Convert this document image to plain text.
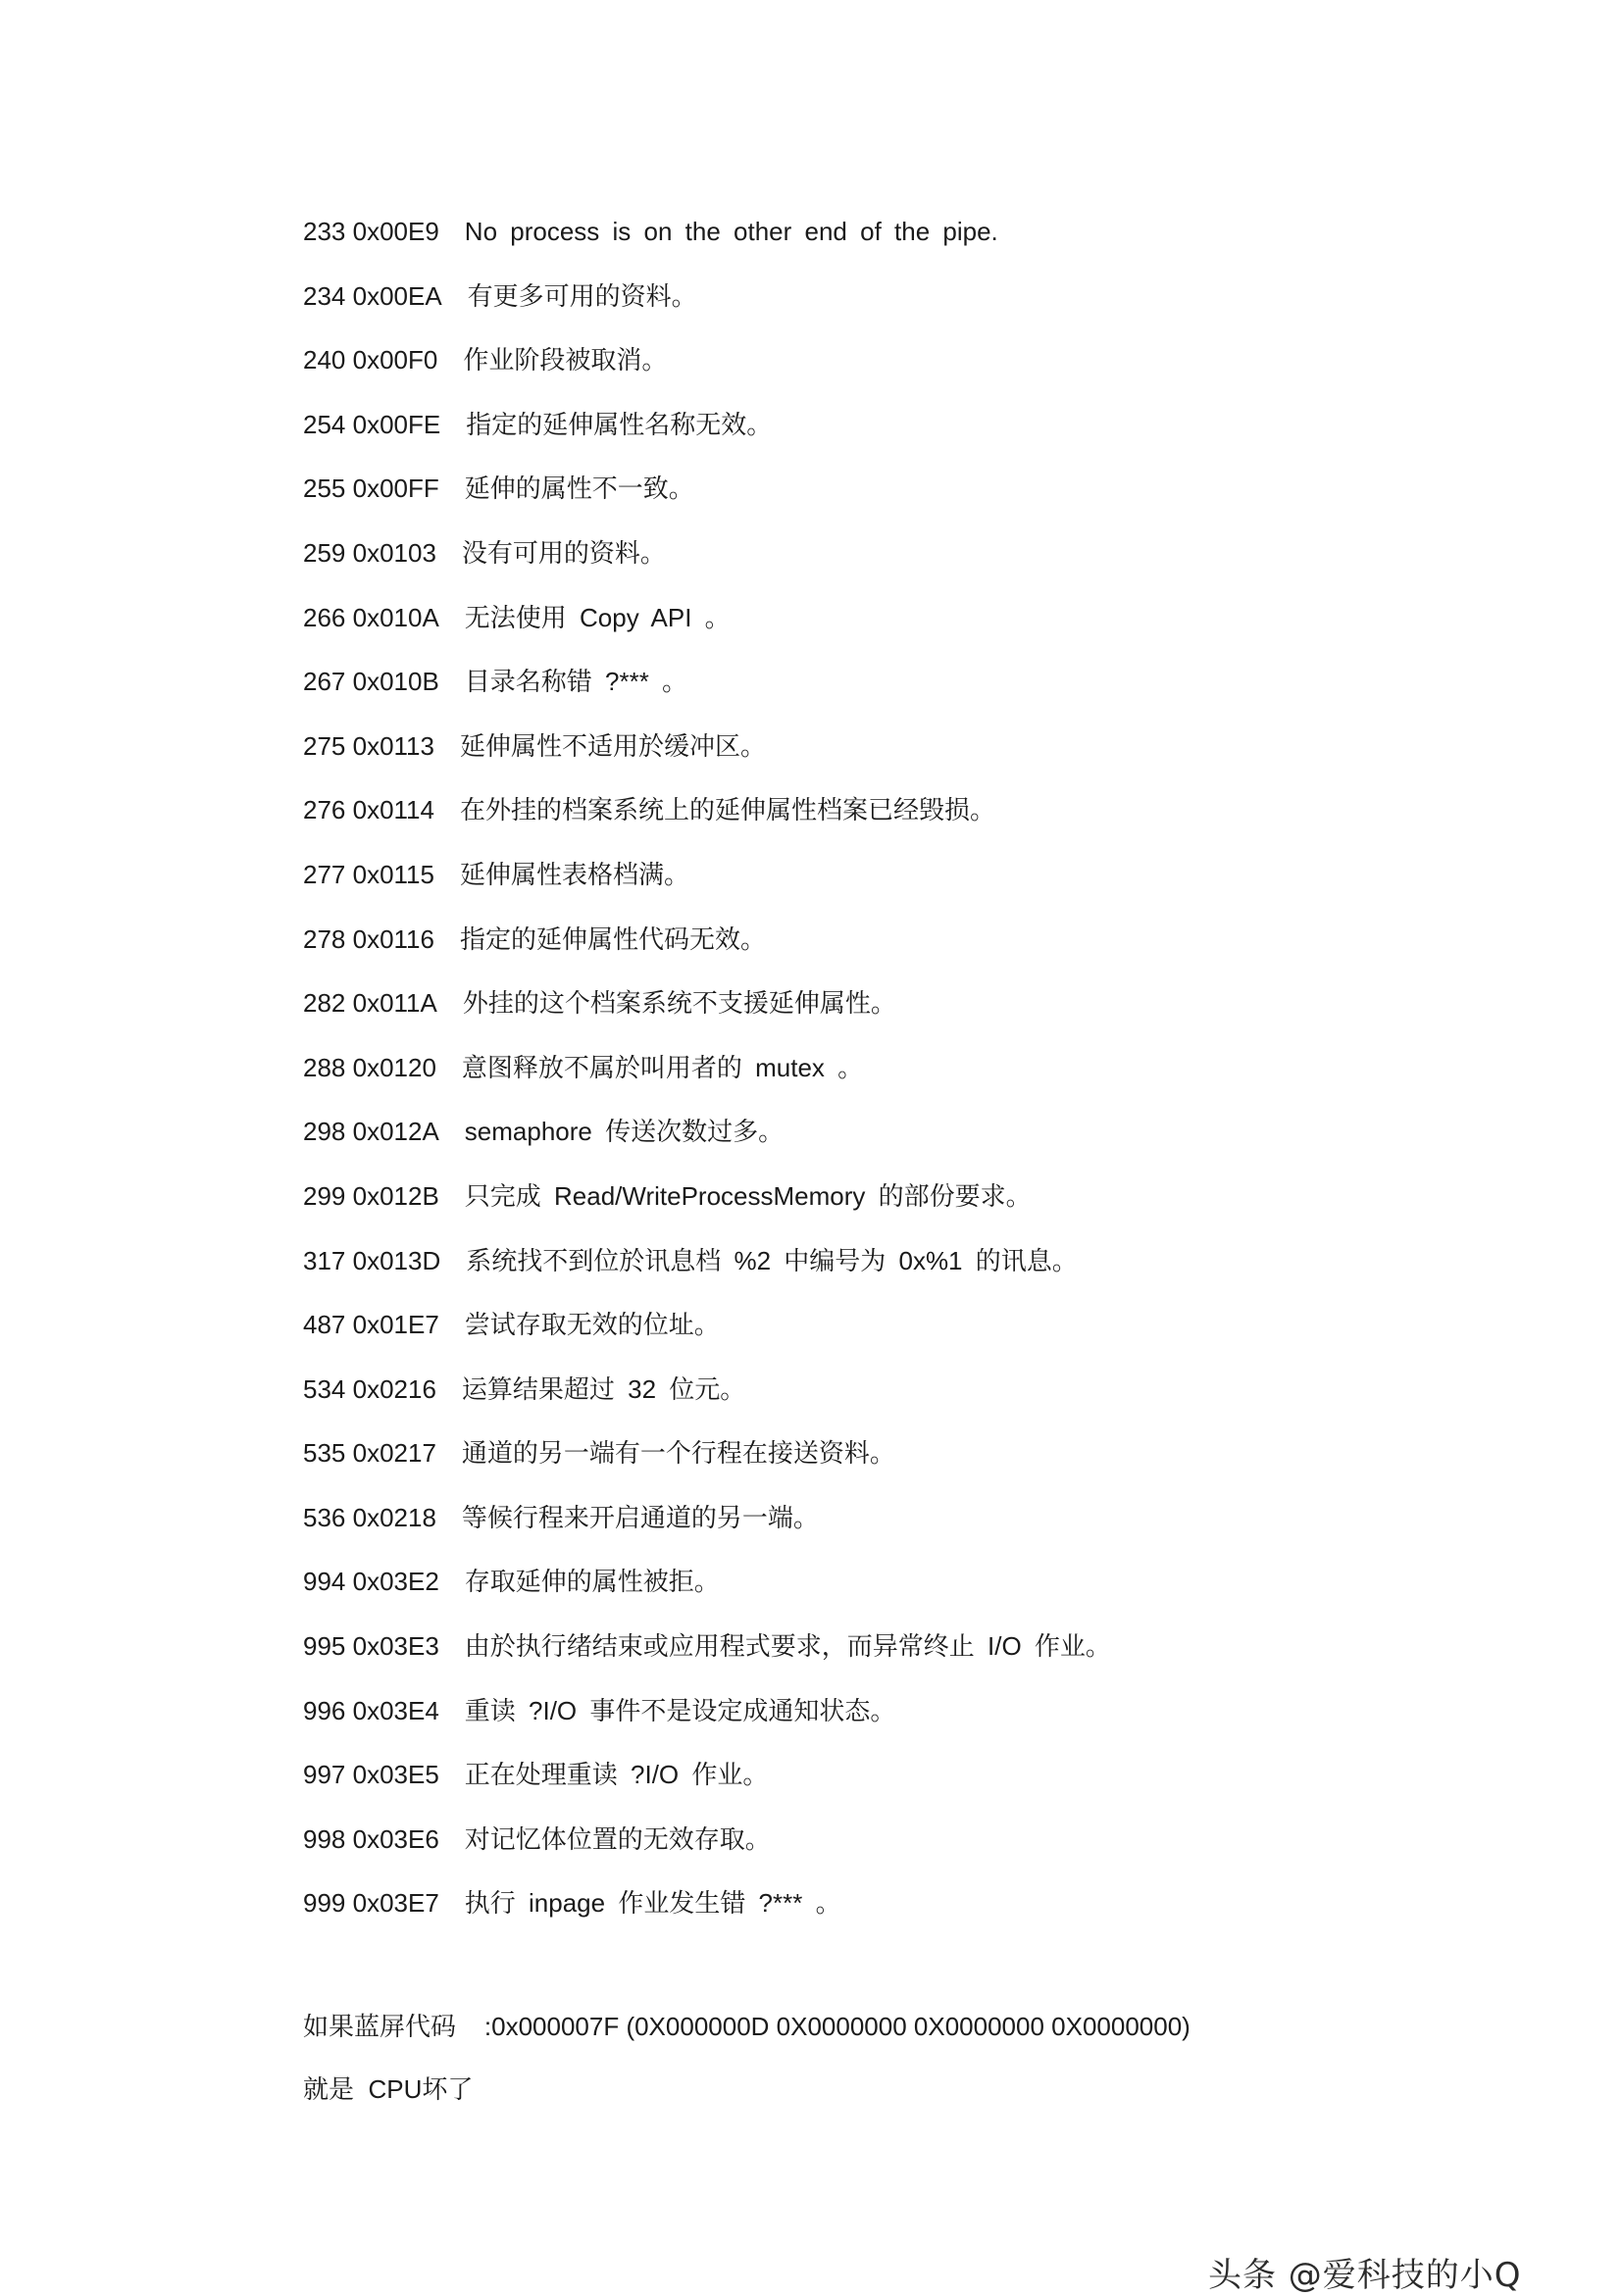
233 0x00E9 No process is on the other end of the pipe.
234 0x00EA 有更多可用的资料。
240 0x00F0 作业阶段被取消。
254 0x00FE 指定的延伸属性名称无效。
255 0x00FF 延伸的属性不一致。
259 0x0103 没有可用的资料。
266 0x010A 无法使用 Copy API 。
267 0x010B 目录名称错 ?*** 。
275 0x0113 延伸属性不适用於缓冲区。
276 0x0114 在外挂的档案系统上的延伸属性档案已经毁损。
277 0x0115 延伸属性表格档满。
278 0x0116 指定的延伸属性代码无效。
282 0x011A 外挂的这个档案系统不支援延伸属性。
288 0x0120 意图释放不属於叫用者的 mutex 。
298 0x012A semaphore 传送次数过多。
299 0x012B 只完成 Read/WriteProcessMemory 的部份要求。
317 0x013D 系统找不到位於讯息档 %2 中编号为 0x%1 的讯息。
487 0x01E7 尝试存取无效的位址。
534 0x0216 运算结果超过 32 位元。
535 0x0217 通道的另一端有一个行程在接送资料。
536 0x0218 等候行程来开启通道的另一端。
994 0x03E2 存取延伸的属性被拒。
995 0x03E3 由於执行绪结束或应用程式要求，而异常终止 I/O 作业。
996 0x03E4 重读 ?I/O 事件不是设定成通知状态。
997 0x03E5 正在处理重读 ?I/O 作业。
998 0x03E6 对记忆体位置的无效存取。
999 0x03E7 执行 inpage 作业发生错 ?*** 。
如果蓝屏代码    :0x000007F (0X000000D 0X0000000 0X0000000 0X0000000)
就是  CPU坏了
头条 @爱科技的小Q
